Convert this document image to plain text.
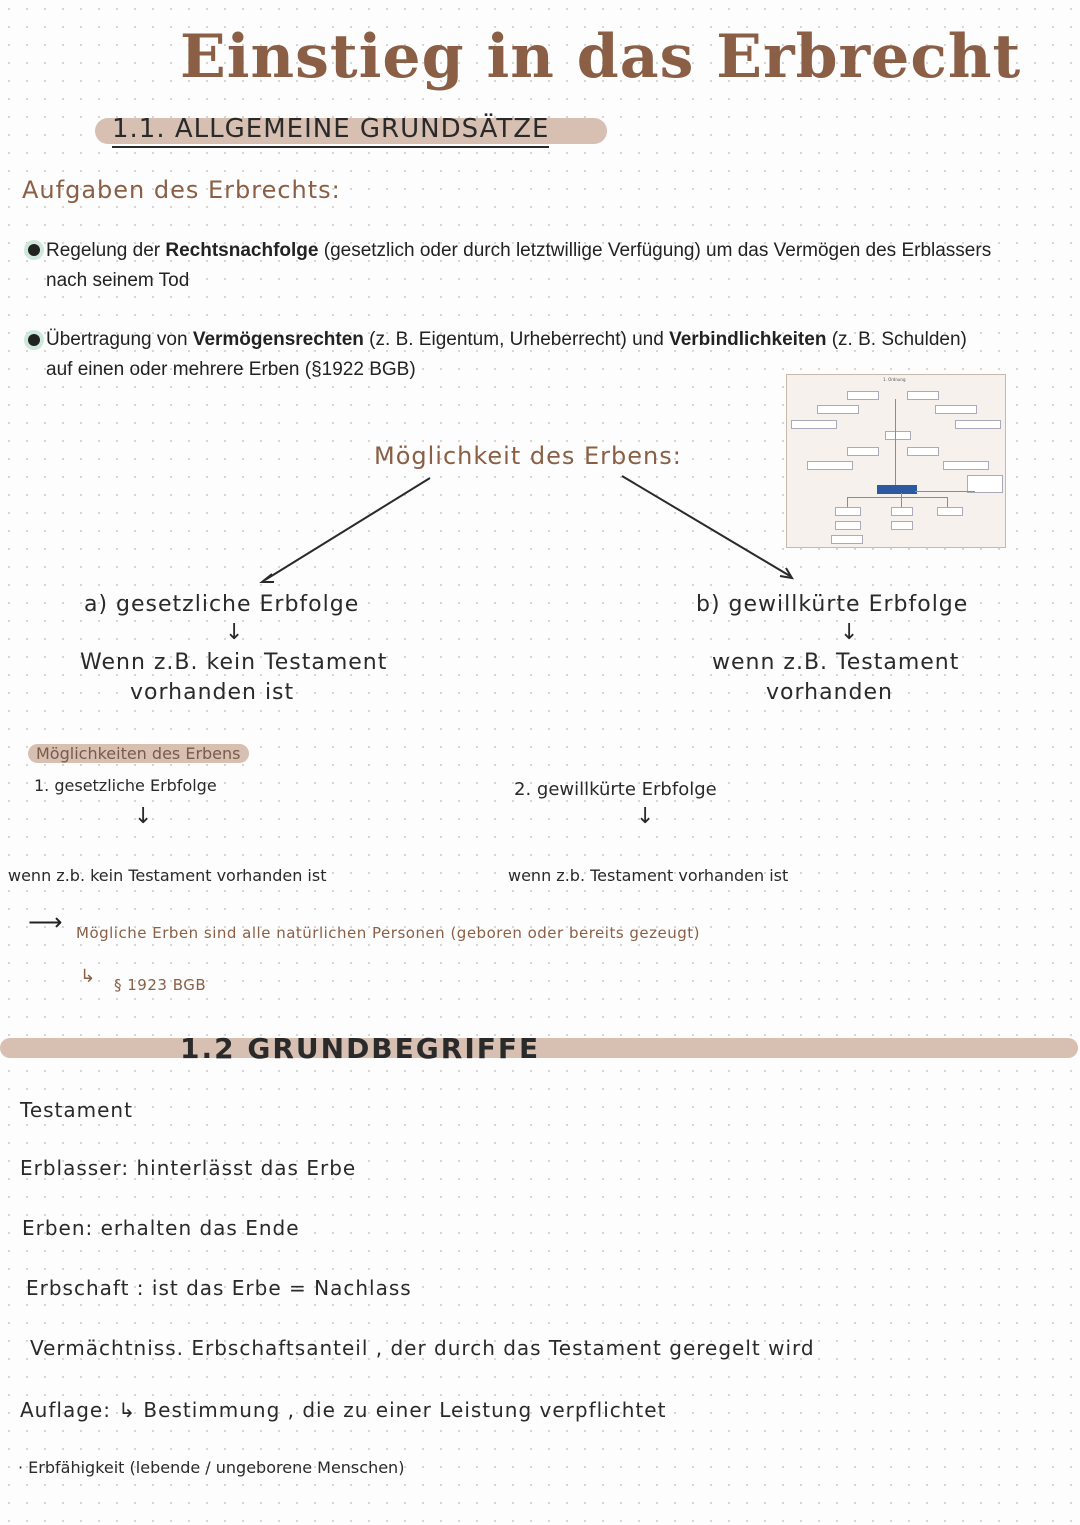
Einstieg in das Erbrecht
1.1. ALLGEMEINE GRUNDSÄTZE
Aufgaben des Erbrechts:
Regelung der Rechtsnachfolge (gesetzlich oder durch letztwillige Verfügung) um das Vermögen des Erblassers nach seinem Tod
Übertragung von Vermögensrechten (z. B. Eigentum, Urheberrecht) und Verbindlichkeiten (z. B. Schulden) auf einen oder mehrere Erben (§1922 BGB)	1. Ordnung
Möglichkeit des Erbens:
a) gesetzliche Erbfolge
↓
Wenn z.B. kein Testament
vorhanden ist
b) gewillkürte Erbfolge
↓
wenn z.B. Testament
vorhanden
Möglichkeiten des Erbens
1. gesetzliche Erbfolge
↓
2. gewillkürte Erbfolge
↓
wenn z.b. kein Testament vorhanden ist	wenn z.b. Testament vorhanden ist
⟶ Mögliche Erben sind alle natürlichen Personen (geboren oder bereits gezeugt)
↳ § 1923 BGB
1.2 GRUNDBEGRIFFE
Testament
Erblasser: hinterlässt das Erbe
Erben: erhalten das Ende
Erbschaft : ist das Erbe = Nachlass
Vermächtniss. Erbschaftsanteil , der durch das Testament geregelt wird
Auflage: ↳ Bestimmung , die zu einer Leistung verpflichtet
· Erbfähigkeit (lebende / ungeborene Menschen)
